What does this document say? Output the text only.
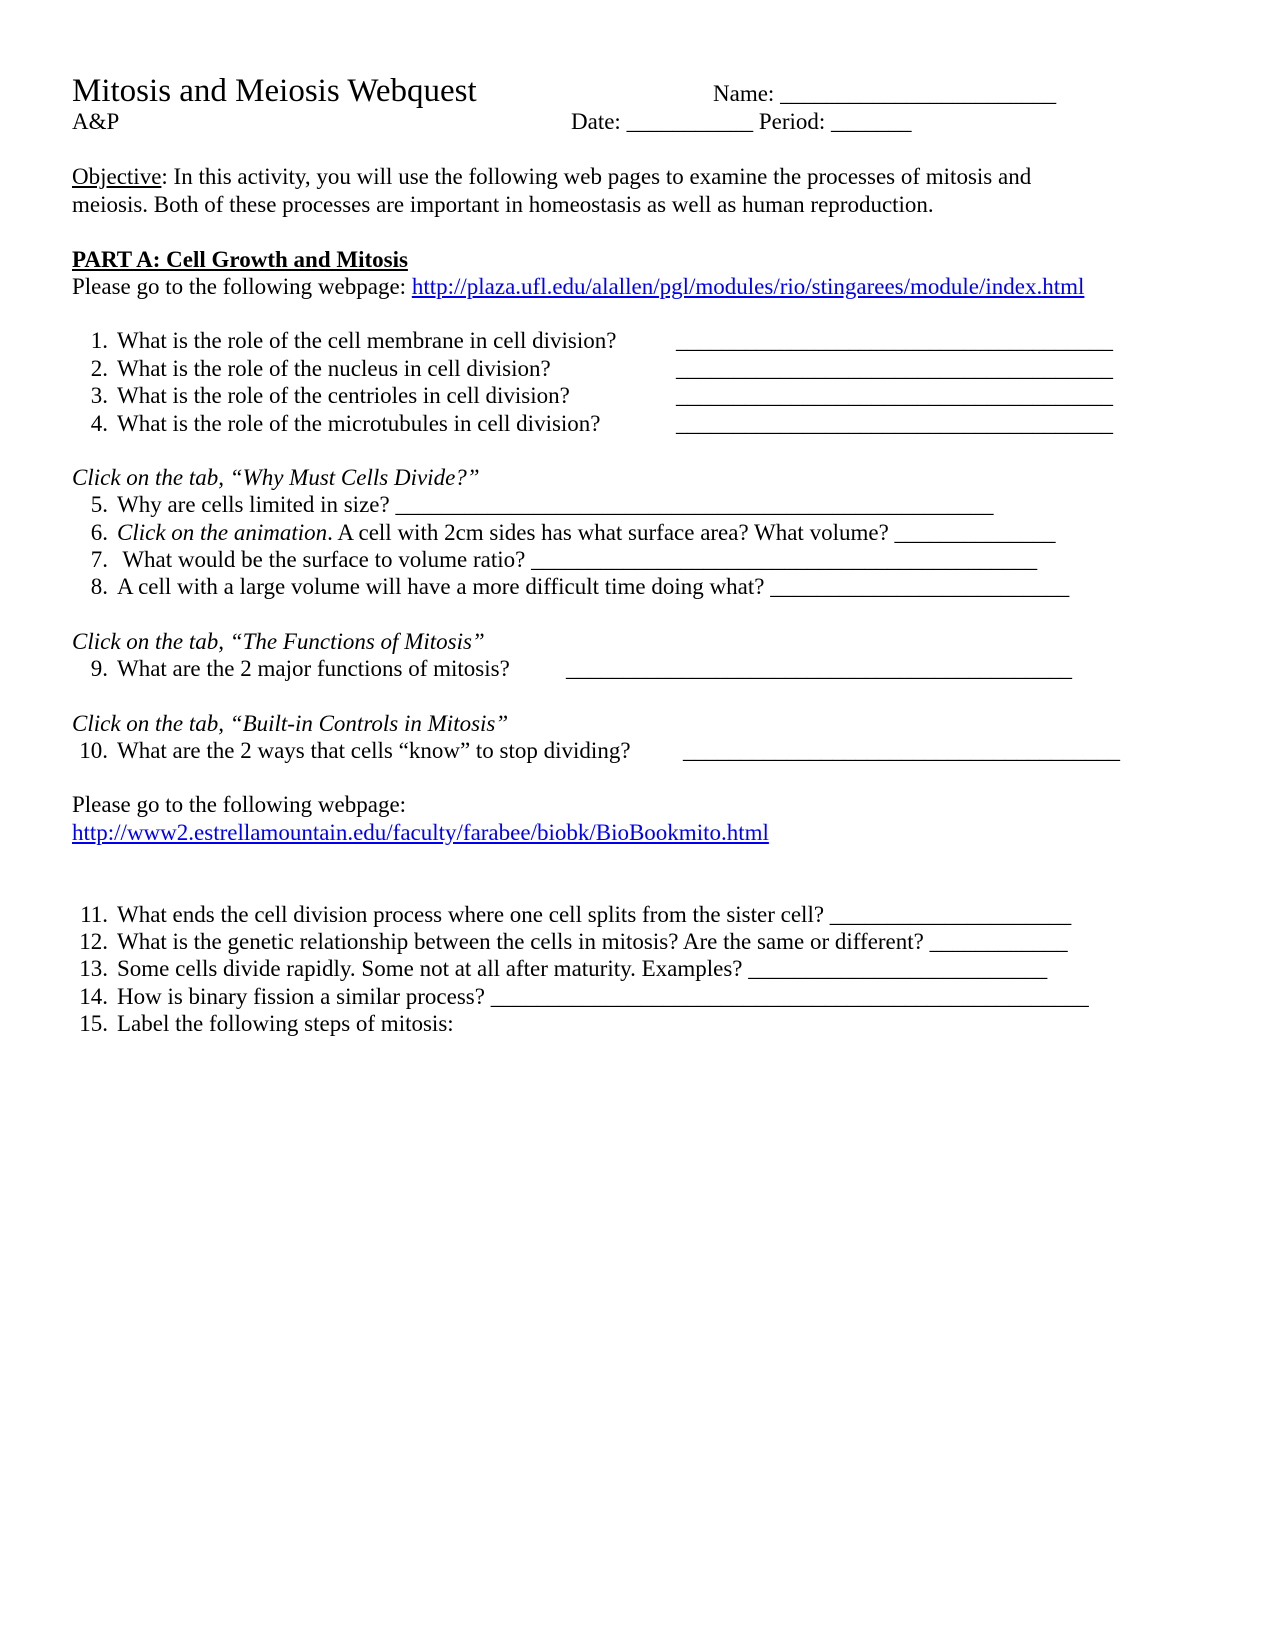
Mitosis and Meiosis Webquest
A&P
Name: ________________________
Date: ___________ Period: _______
Objective: In this activity, you will use the following web pages to examine the processes of mitosis and
meiosis. Both of these processes are important in homeostasis as well as human reproduction.
PART A: Cell Growth and Mitosis
Please go to the following webpage: http://plaza.ufl.edu/alallen/pgl/modules/rio/stingarees/module/index.html
1. What is the role of the cell membrane in cell division?	______________________________________
2. What is the role of the nucleus in cell division?	______________________________________
3. What is the role of the centrioles in cell division?	______________________________________
4. What is the role of the microtubules in cell division?	______________________________________
Click on the tab, “Why Must Cells Divide?”
5. Why are cells limited in size? ____________________________________________________
6. Click on the animation. A cell with 2cm sides has what surface area? What volume? ______________
7. What would be the surface to volume ratio? ____________________________________________
8. A cell with a large volume will have a more difficult time doing what? __________________________
Click on the tab, “The Functions of Mitosis”
9. What are the 2 major functions of mitosis? ____________________________________________
Click on the tab, “Built-in Controls in Mitosis”
10. What are the 2 ways that cells “know” to stop dividing? ______________________________________
Please go to the following webpage:
http://www2.estrellamountain.edu/faculty/farabee/biobk/BioBookmito.html
11. What ends the cell division process where one cell splits from the sister cell? _____________________
12. What is the genetic relationship between the cells in mitosis? Are the same or different? ____________
13. Some cells divide rapidly. Some not at all after maturity. Examples? __________________________
14. How is binary fission a similar process? ____________________________________________________
15. Label the following steps of mitosis:
